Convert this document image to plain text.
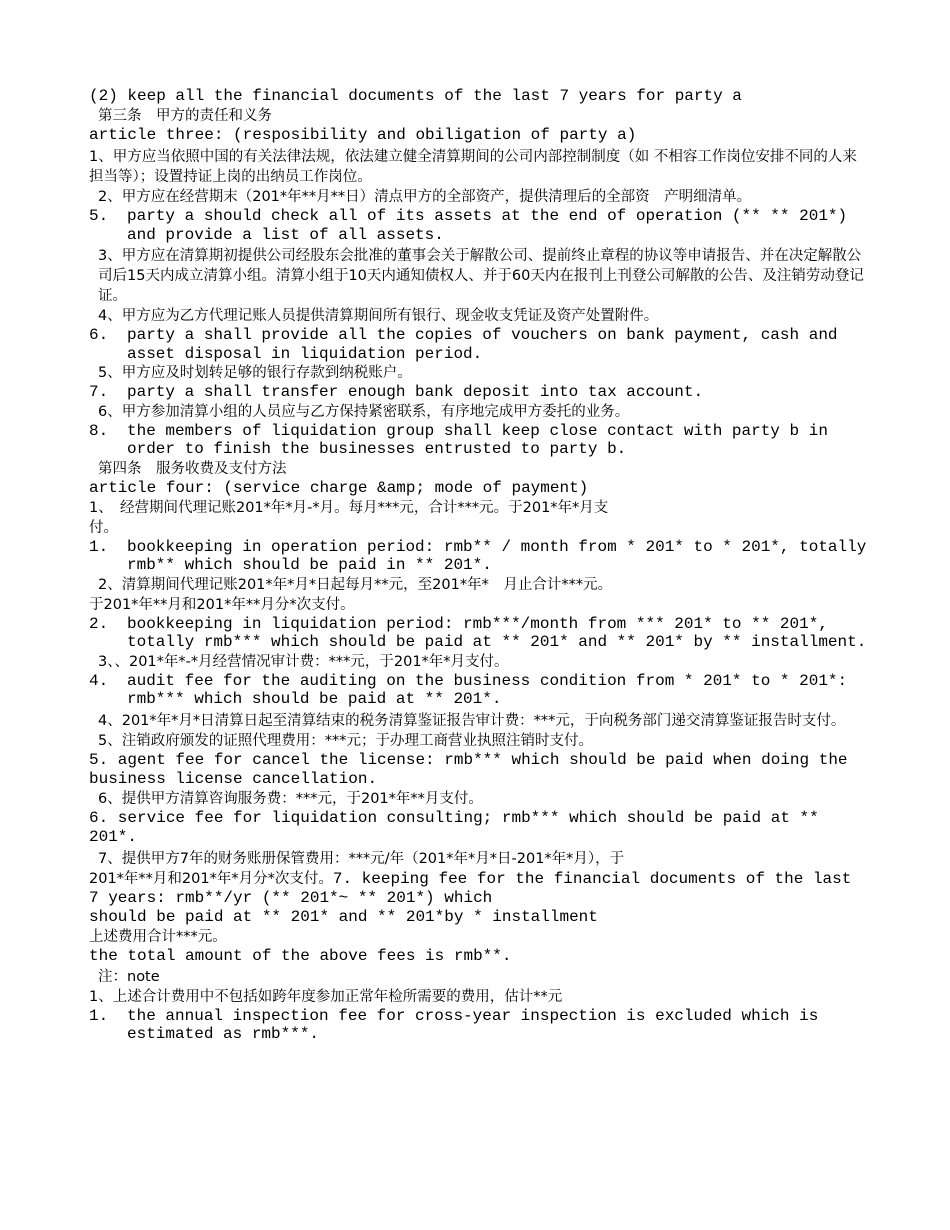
(2) keep all the financial documents of the last 7 years for party a

第三条　甲方的责任和义务

article three: (resposibility and obiligation of party a)

1、甲方应当依照中国的有关法律法规，依法建立健全清算期间的公司内部控制制度（如 不相容工作岗位安排不同的人来担当等）；设置持证上岗的出纳员工作岗位。

2、甲方应在经营期末（201*年**月**日）清点甲方的全部资产，提供清理后的全部资　产明细清单。

5.	party a should check all of its assets at the end of operation (** ** 201*) and provide a list of all assets.

3、甲方应在清算期初提供公司经股东会批准的董事会关于解散公司、提前终止章程的协议等申请报告、并在决定解散公司后15天内成立清算小组。清算小组于10天内通知债权人、并于60天内在报刊上刊登公司解散的公告、及注销劳动登记证。

4、甲方应为乙方代理记账人员提供清算期间所有银行、现金收支凭证及资产处置附件。

6.	party a shall provide all the copies of vouchers on bank payment, cash and asset disposal in liquidation period.

5、甲方应及时划转足够的银行存款到纳税账户。

7.	party a shall transfer enough bank deposit into tax account.

6、甲方参加清算小组的人员应与乙方保持紧密联系，有序地完成甲方委托的业务。

8.	the members of liquidation group shall keep close contact with party b in order to finish the businesses entrusted to party b.

第四条　服务收费及支付方法

article four: (service charge &amp; mode of payment)

1、　经营期间代理记账201*年*月-*月。每月***元，合计***元。于201*年*月支

付。

1.	bookkeeping in operation period: rmb** / month from * 201* to * 201*, totally rmb** which should be paid in ** 201*.

2、清算期间代理记账201*年*月*日起每月**元，至201*年*　月止合计***元。

于201*年**月和201*年**月分*次支付。

2.	bookkeeping in liquidation period: rmb***/month from *** 201* to ** 201*, totally rmb*** which should be paid at ** 201* and ** 201* by ** installment.

3、、201*年*-*月经营情况审计费：***元，于201*年*月支付。

4.	audit fee for the auditing on the business condition from * 201* to * 201*: rmb*** which should be paid at ** 201*.

4、201*年*月*日清算日起至清算结束的税务清算鉴证报告审计费：***元，于向税务部门递交清算鉴证报告时支付。

5、注销政府颁发的证照代理费用：***元；于办理工商营业执照注销时支付。

5. agent fee for cancel the license: rmb*** which should be paid when doing the business license cancellation.

6、提供甲方清算咨询服务费：***元，于201*年**月支付。

6. service fee for liquidation consulting; rmb*** which should be paid at ** 201*.

7、提供甲方7年的财务账册保管费用：***元/年（201*年*月*日-201*年*月），于

201*年**月和201*年*月分*次支付。7. keeping fee for the financial documents of the last 7 years: rmb**/yr (** 201*~ ** 201*) which

should be paid at ** 201* and ** 201*by * installment

上述费用合计***元。

the total amount of the above fees is rmb**.

注：note

1、上述合计费用中不包括如跨年度参加正常年检所需要的费用，估计**元

1.	the annual inspection fee for cross-year inspection is excluded which is estimated as rmb***.
